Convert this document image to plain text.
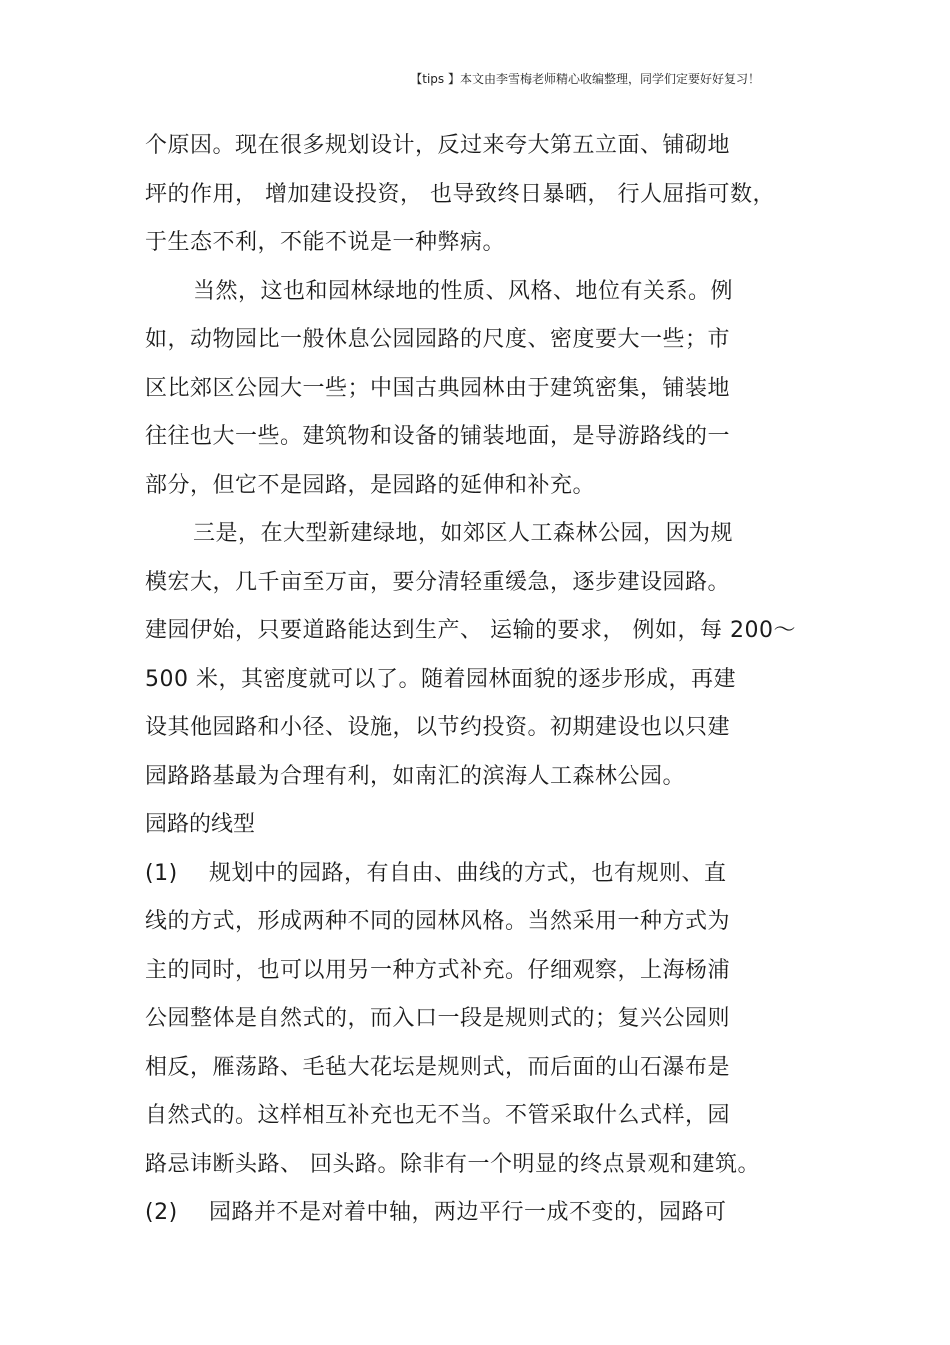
【tips 】本文由李雪梅老师精心收编整理，同学们定要好好复习！
个原因。现在很多规划设计，反过来夸大第五立面、铺砌地
坪的作用， 增加建设投资， 也导致终日暴晒， 行人屈指可数，
于生态不利，不能不说是一种弊病。
当然，这也和园林绿地的性质、风格、地位有关系。例
如，动物园比一般休息公园园路的尺度、密度要大一些；市
区比郊区公园大一些；中国古典园林由于建筑密集，铺装地
往往也大一些。建筑物和设备的铺装地面，是导游路线的一
部分，但它不是园路，是园路的延伸和补充。
三是，在大型新建绿地，如郊区人工森林公园，因为规
模宏大，几千亩至万亩，要分清轻重缓急，逐步建设园路。
建园伊始，只要道路能达到生产、 运输的要求， 例如，每 200～
500 米，其密度就可以了。随着园林面貌的逐步形成，再建
设其他园路和小径、设施，以节约投资。初期建设也以只建
园路路基最为合理有利，如南汇的滨海人工森林公园。
园路的线型
(1) 规划中的园路，有自由、曲线的方式，也有规则、直
线的方式，形成两种不同的园林风格。当然采用一种方式为
主的同时，也可以用另一种方式补充。仔细观察，上海杨浦
公园整体是自然式的，而入口一段是规则式的；复兴公园则
相反，雁荡路、毛毡大花坛是规则式，而后面的山石瀑布是
自然式的。这样相互补充也无不当。不管采取什么式样，园
路忌讳断头路、 回头路。除非有一个明显的终点景观和建筑。
(2) 园路并不是对着中轴，两边平行一成不变的，园路可
